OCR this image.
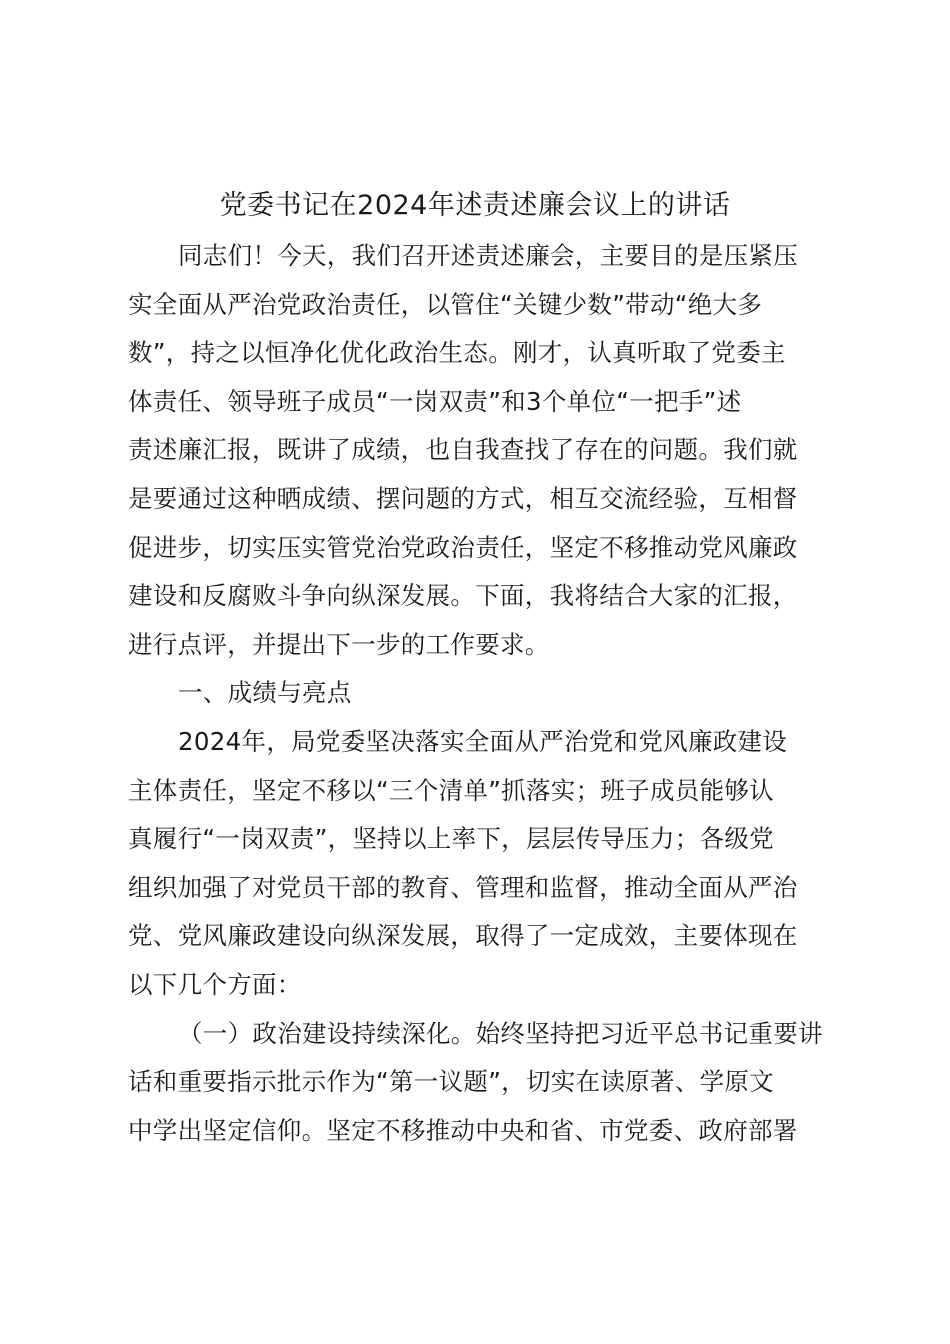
党委书记在2024年述责述廉会议上的讲话
同志们！今天，我们召开述责述廉会，主要目的是压紧压
实全面从严治党政治责任，以管住“关键少数”带动“绝大多
数”，持之以恒净化优化政治生态。刚才，认真听取了党委主
体责任、领导班子成员“一岗双责”和3个单位“一把手”述
责述廉汇报，既讲了成绩，也自我查找了存在的问题。我们就
是要通过这种晒成绩、摆问题的方式，相互交流经验，互相督
促进步，切实压实管党治党政治责任，坚定不移推动党风廉政
建设和反腐败斗争向纵深发展。下面，我将结合大家的汇报，
进行点评，并提出下一步的工作要求。
一、成绩与亮点
2024年，局党委坚决落实全面从严治党和党风廉政建设
主体责任，坚定不移以“三个清单”抓落实；班子成员能够认
真履行“一岗双责”，坚持以上率下，层层传导压力；各级党
组织加强了对党员干部的教育、管理和监督，推动全面从严治
党、党风廉政建设向纵深发展，取得了一定成效，主要体现在
以下几个方面：
（一）政治建设持续深化。始终坚持把习近平总书记重要讲
话和重要指示批示作为“第一议题”，切实在读原著、学原文
中学出坚定信仰。坚定不移推动中央和省、市党委、政府部署
